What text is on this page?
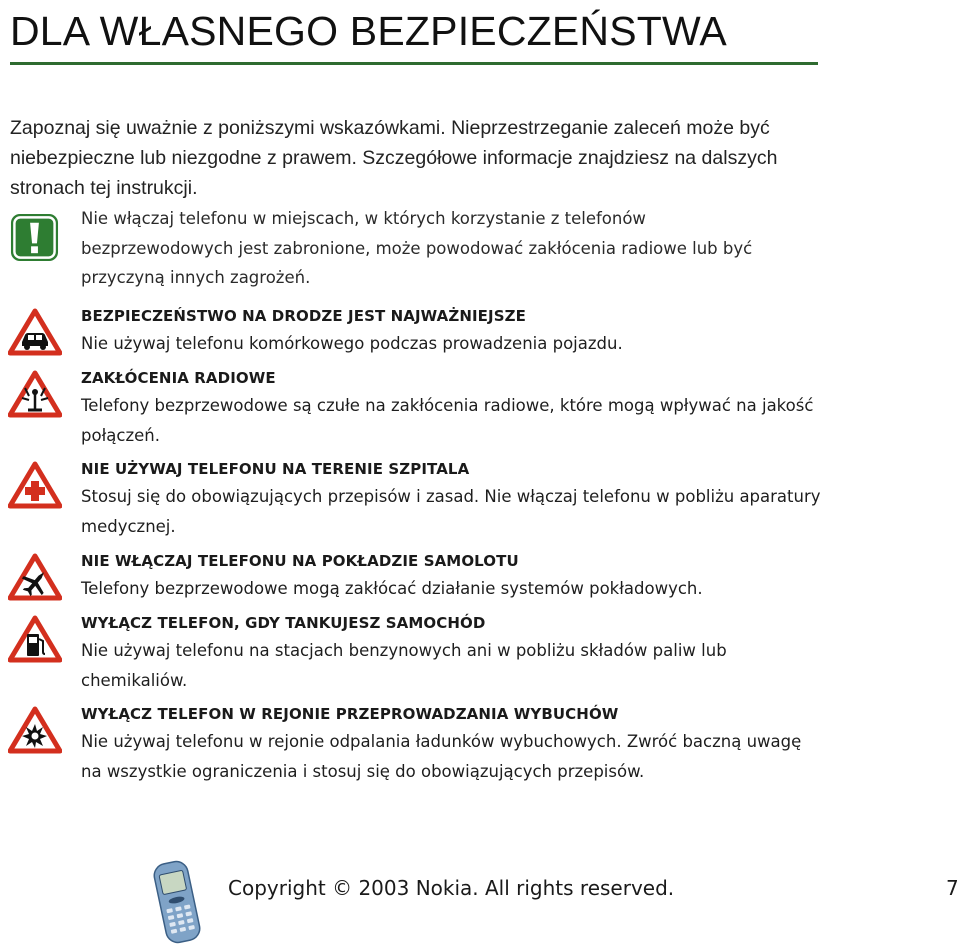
DLA WŁASNEGO BEZPIECZEŃSTWA

Zapoznaj się uważnie z poniższymi wskazówkami. Nieprzestrzeganie zaleceń może być niebezpieczne lub niezgodne z prawem. Szczegółowe informacje znajdziesz na dalszych stronach tej instrukcji.

Nie włączaj telefonu w miejscach, w których korzystanie z telefonów bezprzewodowych jest zabronione, może powodować zakłócenia radiowe lub być przyczyną innych zagrożeń.

BEZPIECZEŃSTWO NA DRODZE JEST NAJWAŻNIEJSZE

Nie używaj telefonu komórkowego podczas prowadzenia pojazdu.

ZAKŁÓCENIA RADIOWE

Telefony bezprzewodowe są czułe na zakłócenia radiowe, które mogą wpływać na jakość połączeń.

NIE UŻYWAJ TELEFONU NA TERENIE SZPITALA

Stosuj się do obowiązujących przepisów i zasad. Nie włączaj telefonu w pobliżu aparatury medycznej.

NIE WŁĄCZAJ TELEFONU NA POKŁADZIE SAMOLOTU

Telefony bezprzewodowe mogą zakłócać działanie systemów pokładowych.

WYŁĄCZ TELEFON, GDY TANKUJESZ SAMOCHÓD

Nie używaj telefonu na stacjach benzynowych ani w pobliżu składów paliw lub chemikaliów.

WYŁĄCZ TELEFON W REJONIE PRZEPROWADZANIA WYBUCHÓW

Nie używaj telefonu w rejonie odpalania ładunków wybuchowych. Zwróć baczną uwagę na wszystkie ograniczenia i stosuj się do obowiązujących przepisów.

Copyright © 2003 Nokia. All rights reserved.	7
